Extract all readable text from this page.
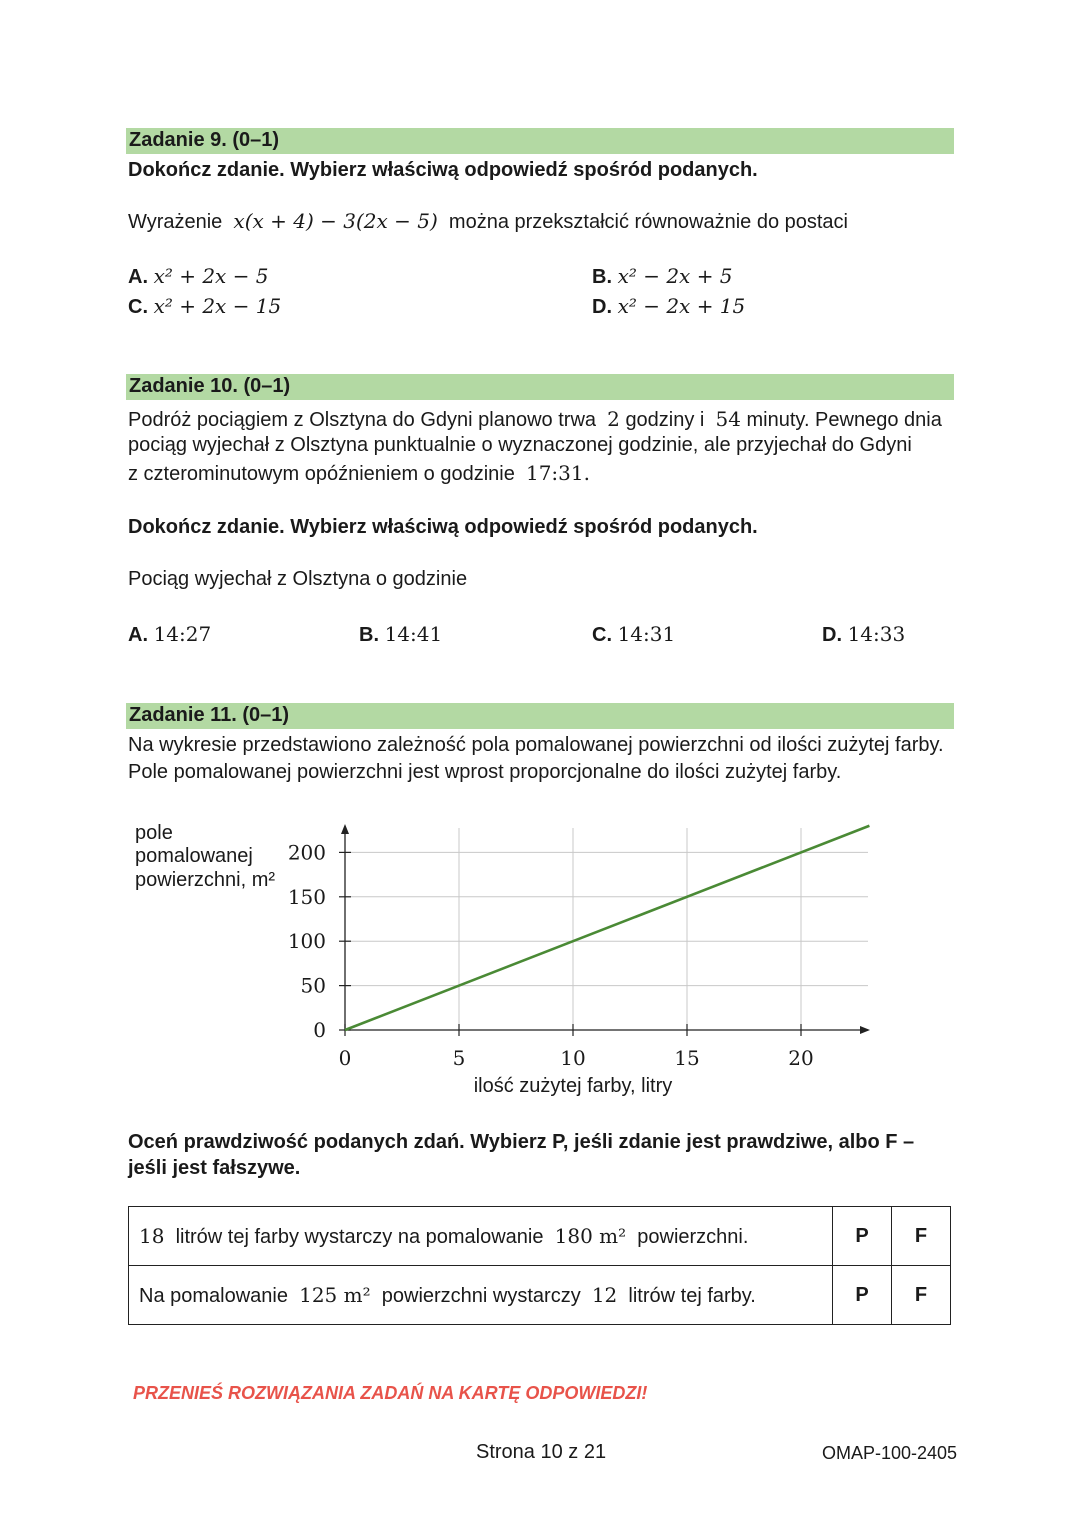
Zadanie 9. (0–1)
Dokończ zdanie. Wybierz właściwą odpowiedź spośród podanych.
Wyrażenie x(x + 4) − 3(2x − 5) można przekształcić równoważnie do postaci
A. x² + 2x − 5	B. x² − 2x + 5
C. x² + 2x − 15	D. x² − 2x + 15
Zadanie 10. (0–1)
Podróż pociągiem z Olsztyna do Gdyni planowo trwa 2 godziny i 54 minuty. Pewnego dnia
pociąg wyjechał z Olsztyna punktualnie o wyznaczonej godzinie, ale przyjechał do Gdyni
z czterominutowym opóźnieniem o godzinie 17:31.
Dokończ zdanie. Wybierz właściwą odpowiedź spośród podanych.
Pociąg wyjechał z Olsztyna o godzinie
A. 14:27	B. 14:41	C. 14:31	D. 14:33
Zadanie 11. (0–1)
Na wykresie przedstawiono zależność pola pomalowanej powierzchni od ilości zużytej farby.
Pole pomalowanej powierzchni jest wprost proporcjonalne do ilości zużytej farby.
0
50
100
150
200
0	5	10	15	20
pole
pomalowanej
powierzchni, m²
ilość zużytej farby, litry
Oceń prawdziwość podanych zdań. Wybierz P, jeśli zdanie jest prawdziwe, albo F –
jeśli jest fałszywe.
18 litrów tej farby wystarczy na pomalowanie 180 m² powierzchni.	P	F
Na pomalowanie 125 m² powierzchni wystarczy 12 litrów tej farby.	P	F
PRZENIEŚ ROZWIĄZANIA ZADAŃ NA KARTĘ ODPOWIEDZI!
Strona 10 z 21	OMAP-100-2405
